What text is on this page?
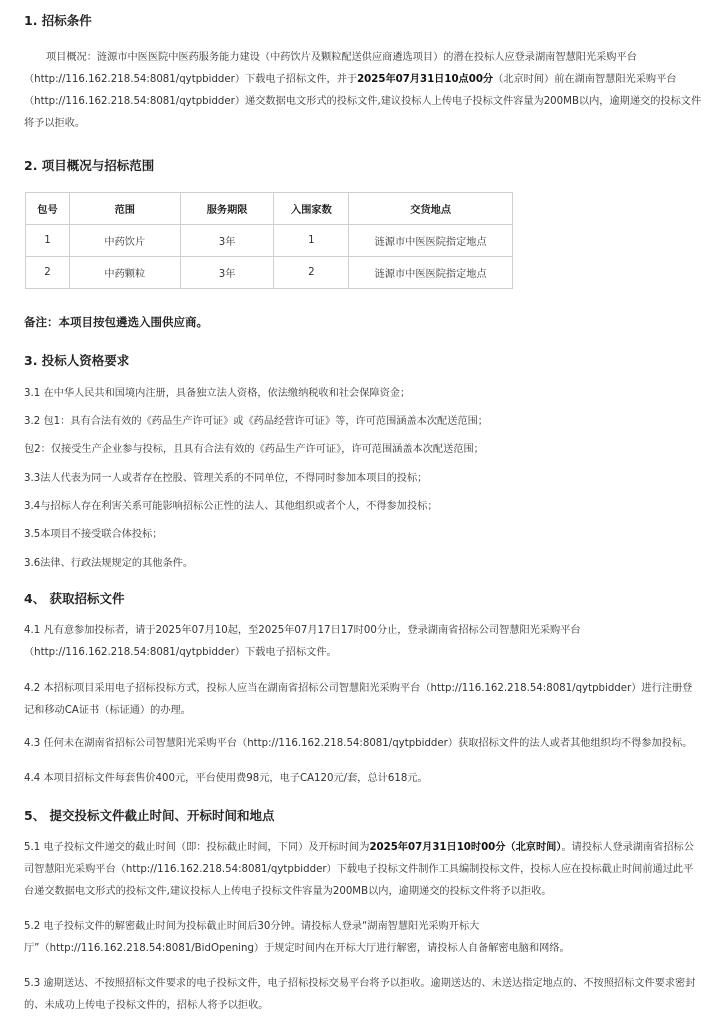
1. 招标条件

项目概况：涟源市中医医院中医药服务能力建设（中药饮片及颗粒配送供应商遴选项目）的潜在投标人应登录湖南智慧阳光采购平台（http://116.162.218.54:8081/qytpbidder）下载电子招标文件，并于2025年07月31日10点00分（北京时间）前在湖南智慧阳光采购平台（http://116.162.218.54:8081/qytpbidder）递交数据电文形式的投标文件,建议投标人上传电子投标文件容量为200MB以内，逾期递交的投标文件将予以拒收。

2. 项目概况与招标范围
包号	范围	服务期限	入围家数	交货地点
1	中药饮片	3年	1	涟源市中医医院指定地点
2	中药颗粒	3年	2	涟源市中医医院指定地点
备注：本项目按包遴选入围供应商。
3. 投标人资格要求

3.1 在中华人民共和国境内注册，具备独立法人资格，依法缴纳税收和社会保障资金；

3.2 包1：具有合法有效的《药品生产许可证》或《药品经营许可证》等，许可范围涵盖本次配送范围；

包2：仅接受生产企业参与投标，且具有合法有效的《药品生产许可证》，许可范围涵盖本次配送范围；

3.3法人代表为同一人或者存在控股、管理关系的不同单位，不得同时参加本项目的投标；

3.4与招标人存在利害关系可能影响招标公正性的法人、其他组织或者个人，不得参加投标；

3.5本项目不接受联合体投标；

3.6法律、行政法规规定的其他条件。

4、 获取招标文件

4.1 凡有意参加投标者，请于2025年07月10起，至2025年07月17日17时00分止，登录湖南省招标公司智慧阳光采购平台（http://116.162.218.54:8081/qytpbidder）下载电子招标文件。

4.2 本招标项目采用电子招标投标方式，投标人应当在湖南省招标公司智慧阳光采购平台（http://116.162.218.54:8081/qytpbidder）进行注册登记和移动CA证书（标证通）的办理。

4.3 任何未在湖南省招标公司智慧阳光采购平台（http://116.162.218.54:8081/qytpbidder）获取招标文件的法人或者其他组织均不得参加投标。

4.4 本项目招标文件每套售价400元，平台使用费98元，电子CA120元/套，总计618元。

5、 提交投标文件截止时间、开标时间和地点

5.1 电子投标文件递交的截止时间（即：投标截止时间，下同）及开标时间为2025年07月31日10时00分（北京时间）。请投标人登录湖南省招标公司智慧阳光采购平台（http://116.162.218.54:8081/qytpbidder）下载电子投标文件制作工具编制投标文件，投标人应在投标截止时间前通过此平台递交数据电文形式的投标文件,建议投标人上传电子投标文件容量为200MB以内，逾期递交的投标文件将予以拒收。

5.2 电子投标文件的解密截止时间为投标截止时间后30分钟。请投标人登录“湖南智慧阳光采购开标大厅”（http://116.162.218.54:8081/BidOpening）于规定时间内在开标大厅进行解密，请投标人自备解密电脑和网络。

5.3 逾期送达、不按照招标文件要求的电子投标文件，电子招标投标交易平台将予以拒收。逾期送达的、未送达指定地点的、不按照招标文件要求密封的、未成功上传电子投标文件的，招标人将予以拒收。
